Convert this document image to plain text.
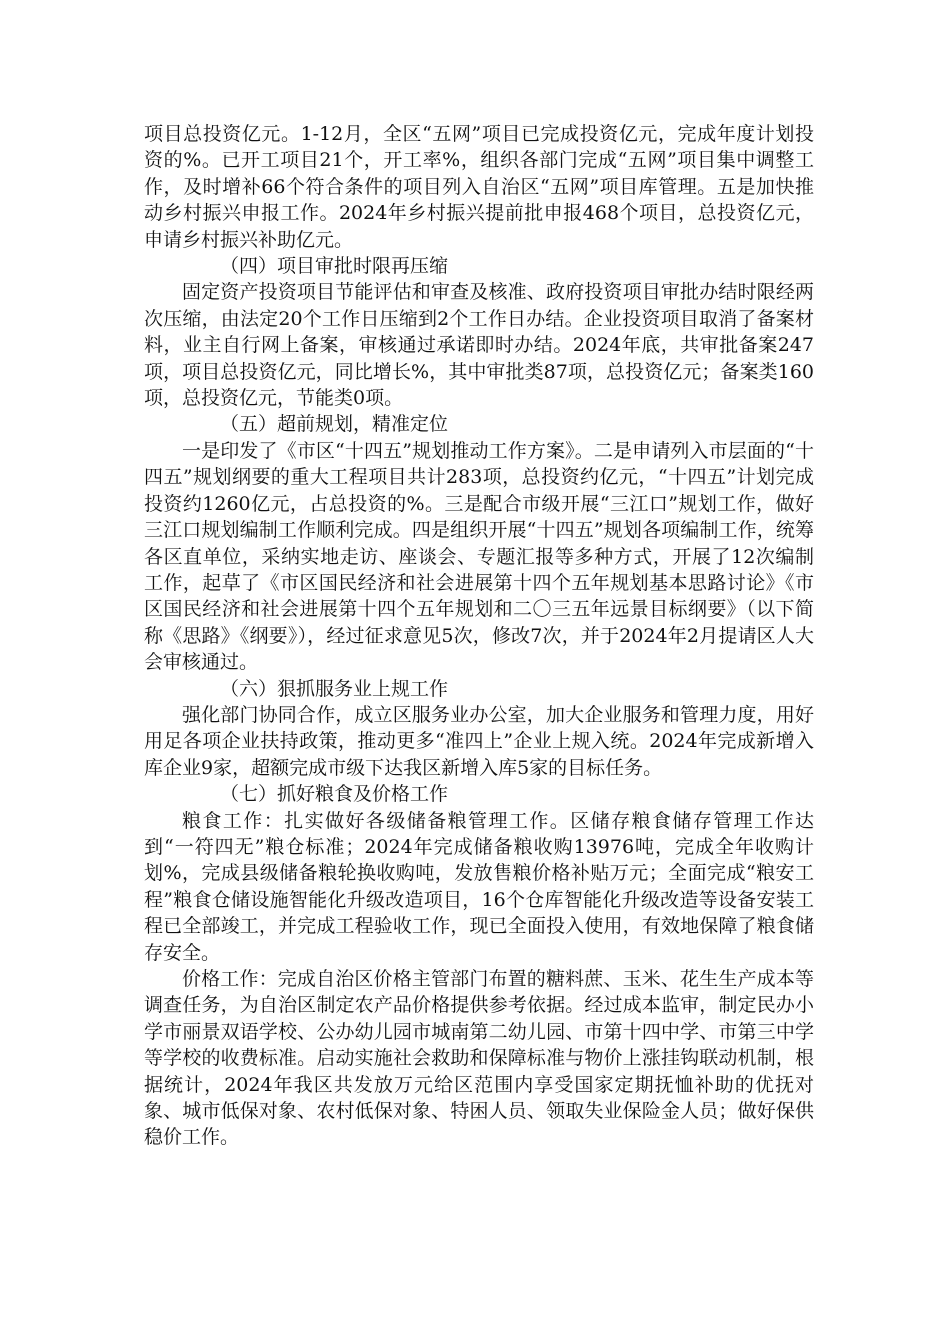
项目总投资亿元。1-12月，全区“五网”项目已完成投资亿元，完成年度计划投资的%。已开工项目21个，开工率%，组织各部门完成“五网”项目集中调整工作，及时增补66个符合条件的项目列入自治区“五网”项目库管理。五是加快推动乡村振兴申报工作。2024年乡村振兴提前批申报468个项目，总投资亿元，申请乡村振兴补助亿元。

（四）项目审批时限再压缩

固定资产投资项目节能评估和审查及核准、政府投资项目审批办结时限经两次压缩，由法定20个工作日压缩到2个工作日办结。企业投资项目取消了备案材料，业主自行网上备案，审核通过承诺即时办结。2024年底，共审批备案247项，项目总投资亿元，同比增长%，其中审批类87项，总投资亿元；备案类160项，总投资亿元，节能类0项。

（五）超前规划，精准定位

一是印发了《市区“十四五”规划推动工作方案》。二是申请列入市层面的“十四五”规划纲要的重大工程项目共计283项，总投资约亿元，“十四五”计划完成投资约1260亿元，占总投资的%。三是配合市级开展“三江口”规划工作，做好三江口规划编制工作顺利完成。四是组织开展“十四五”规划各项编制工作，统筹各区直单位，采纳实地走访、座谈会、专题汇报等多种方式，开展了12次编制工作，起草了《市区国民经济和社会进展第十四个五年规划基本思路讨论》《市区国民经济和社会进展第十四个五年规划和二〇三五年远景目标纲要》（以下简称《思路》《纲要》），经过征求意见5次，修改7次，并于2024年2月提请区人大会审核通过。

（六）狠抓服务业上规工作

强化部门协同合作，成立区服务业办公室，加大企业服务和管理力度，用好用足各项企业扶持政策，推动更多“准四上”企业上规入统。2024年完成新增入库企业9家，超额完成市级下达我区新增入库5家的目标任务。

（七）抓好粮食及价格工作

粮食工作：扎实做好各级储备粮管理工作。区储存粮食储存管理工作达到“一符四无”粮仓标准；2024年完成储备粮收购13976吨，完成全年收购计划%，完成县级储备粮轮换收购吨，发放售粮价格补贴万元；全面完成“粮安工程”粮食仓储设施智能化升级改造项目，16个仓库智能化升级改造等设备安装工程已全部竣工，并完成工程验收工作，现已全面投入使用，有效地保障了粮食储存安全。

价格工作：完成自治区价格主管部门布置的糖料蔗、玉米、花生生产成本等调查任务，为自治区制定农产品价格提供参考依据。经过成本监审，制定民办小学市丽景双语学校、公办幼儿园市城南第二幼儿园、市第十四中学、市第三中学等学校的收费标准。启动实施社会救助和保障标准与物价上涨挂钩联动机制，根据统计，2024年我区共发放万元给区范围内享受国家定期抚恤补助的优抚对象、城市低保对象、农村低保对象、特困人员、领取失业保险金人员；做好保供稳价工作。
